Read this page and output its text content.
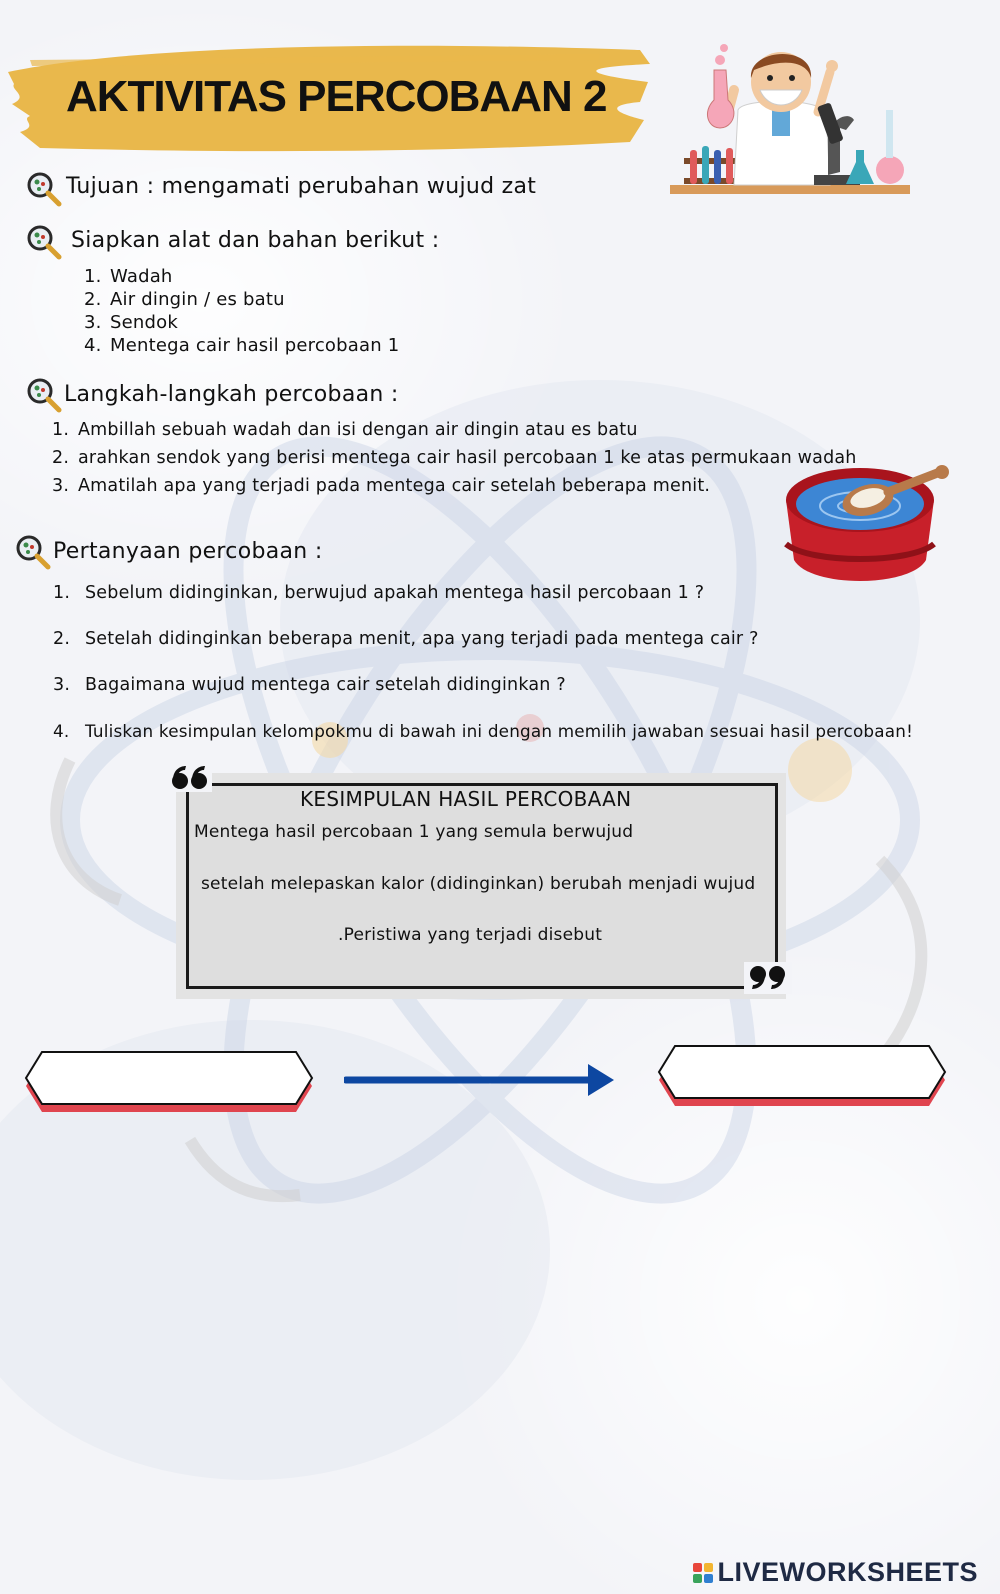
AKTIVITAS PERCOBAAN 2
Tujuan : mengamati perubahan wujud zat
Siapkan alat dan bahan berikut :
1. Wadah
2. Air dingin / es batu
3. Sendok
4. Mentega cair hasil percobaan 1
Langkah-langkah percobaan :
1. Ambillah sebuah wadah dan isi dengan air dingin atau es batu
2. arahkan sendok yang berisi mentega cair hasil percobaan 1 ke atas permukaan wadah
3. Amatilah apa yang terjadi pada mentega cair setelah beberapa menit.
Pertanyaan percobaan :
1. Sebelum didinginkan, berwujud apakah mentega hasil percobaan 1 ?
2. Setelah didinginkan beberapa menit, apa yang terjadi pada mentega cair ?
3. Bagaimana wujud mentega cair setelah didinginkan ?
4. Tuliskan kesimpulan kelompokmu di bawah ini dengan memilih jawaban sesuai hasil percobaan!
KESIMPULAN HASIL PERCOBAAN
Mentega hasil percobaan 1 yang semula berwujud
setelah melepaskan kalor (didinginkan) berubah menjadi wujud
.Peristiwa yang terjadi disebut
LIVEWORKSHEETS
